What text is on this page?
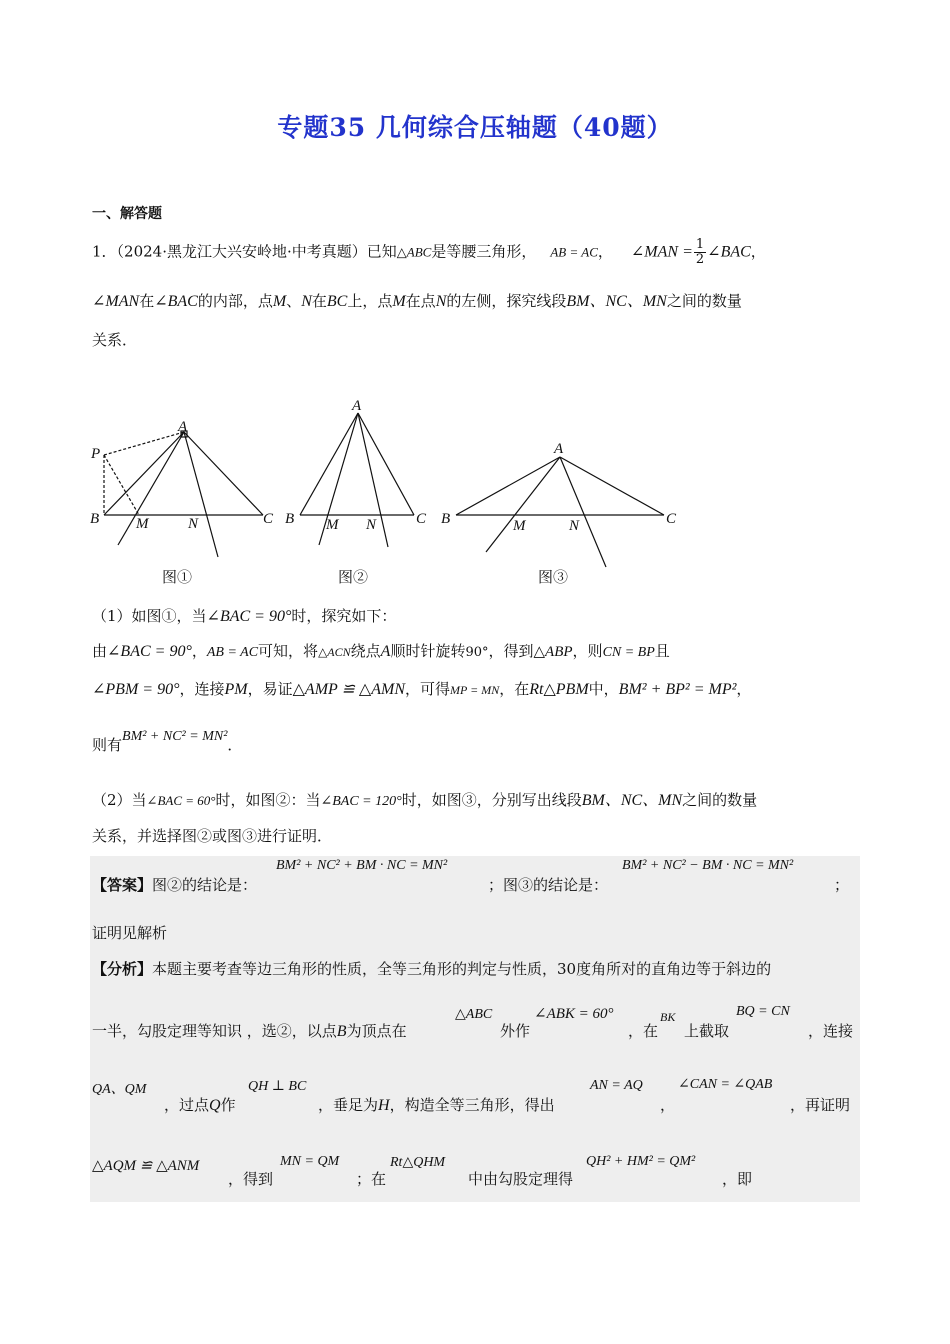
专题35 几何综合压轴题（40题）
一、解答题
1．（2024·黑龙江大兴安岭地·中考真题）已知△ABC是等腰三角形， AB = AC， ∠MAN = $\frac{1}{2}$ ∠BAC，
∠MAN在∠BAC的内部，点M、N在BC上，点M在点N的左侧，探究线段BM、NC、MN之间的数量
关系．
P
A
B M	N	C
A
B M N	C
A
B	M	N	C
图①	图②	图③
（1）如图①，当∠BAC = 90°时，探究如下：
由∠BAC = 90°，AB = AC可知，将△ACN绕点A顺时针旋转90°，得到△ABP，则CN = BP且
∠PBM = 90°，连接PM，易证△AMP ≌ △AMN，可得MP = MN，在Rt△PBM中，BM² + BP² = MP²，
则有BM² + NC² = MN²．
（2）当∠BAC = 60°时，如图②：当∠BAC = 120°时，如图③，分别写出线段BM、NC、MN之间的数量
关系，并选择图②或图③进行证明．
【答案】图②的结论是：
BM² + NC² + BM · NC = MN²
；图③的结论是：
BM² + NC² − BM · NC = MN²
；
证明见解析
【分析】本题主要考查等边三角形的性质，全等三角形的判定与性质，30度角所对的直角边等于斜边的
一半，勾股定理等知识 ，选②，以点B为顶点在
△ABC
外作
∠ABK = 60°
，在
BK
上截取
BQ = CN
，连接
QA、QM
，过点Q作
QH ⊥ BC
，垂足为H，构造全等三角形，得出
AN = AQ
，
∠CAN = ∠QAB
，再证明
△AQM ≌ △ANM
，得到
MN = QM
；在
Rt△QHM
中由勾股定理得
QH² + HM² = QM²
，即
